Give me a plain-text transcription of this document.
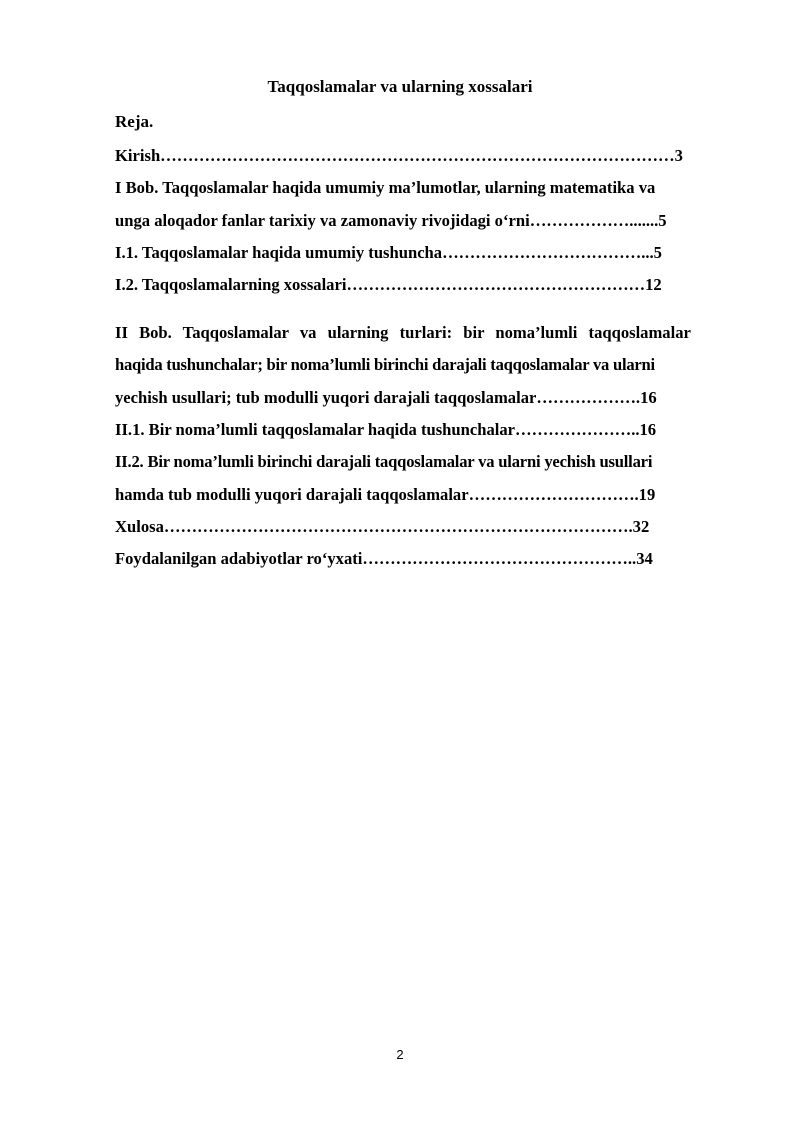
Taqqoslamalar va ularning xossalari
Reja.
Kirish…………………………………………………………………………………3
I Bob. Taqqoslamalar haqida umumiy ma’lumotlar, ularning matematika va
unga aloqador fanlar tarixiy va zamonaviy rivojidagi o‘rni……………….......5
I.1. Taqqoslamalar haqida umumiy tushuncha………………………………...5
I.2. Taqqoslamalarning xossalari………………………………………………12
II Bob. Taqqoslamalar va ularning turlari: bir noma’lumli taqqoslamalar
haqida tushunchalar; bir noma’lumli birinchi darajali taqqoslamalar va ularni
yechish usullari; tub modulli yuqori darajali taqqoslamalar……………….16
II.1. Bir noma’lumli taqqoslamalar haqida tushunchalar…………………..16
II.2. Bir noma’lumli birinchi darajali taqqoslamalar va ularni yechish usullari
hamda tub modulli yuqori darajali taqqoslamalar………………………….19
Xulosa………………………………………………………………………….32
Foydalanilgan adabiyotlar ro‘yxati…………………………………………..34
2
